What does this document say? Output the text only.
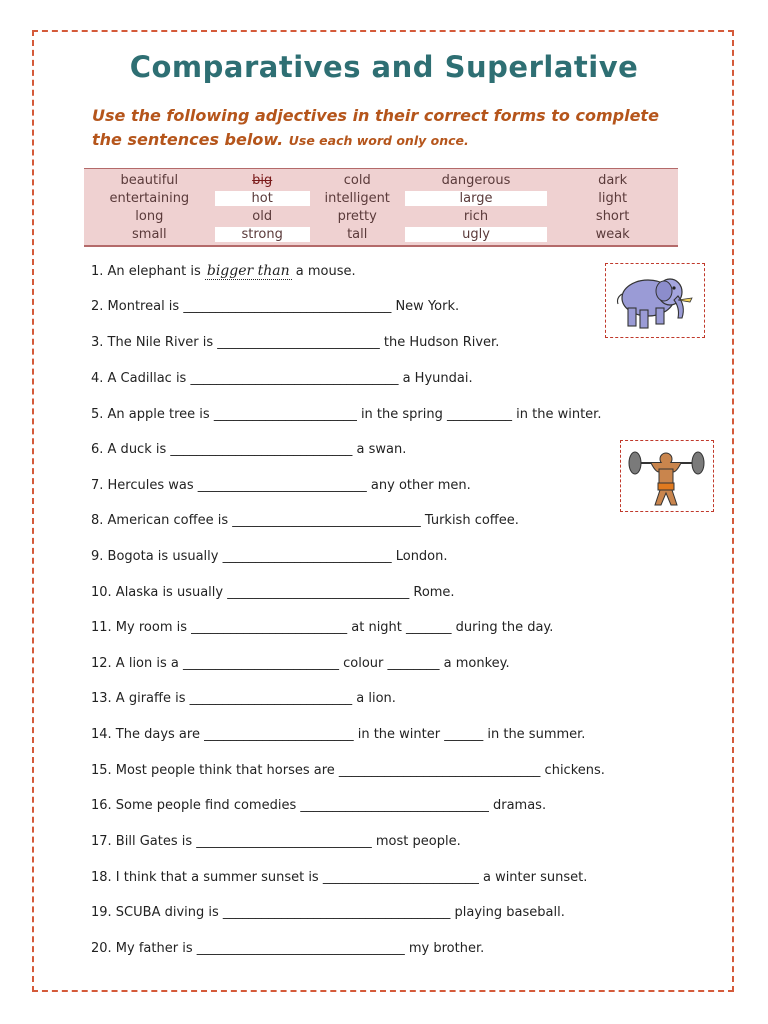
Comparatives and Superlative
Use the following adjectives in their correct forms to complete the sentences below. Use each word only once.
beautiful	big	cold	dangerous	dark
entertaining	hot	intelligent	large	light
long	old	pretty	rich	short
small	strong	tall	ugly	weak
1. An elephant is bigger than a mouse.
2. Montreal is ________________________________ New York.
3. The Nile River is _________________________ the Hudson River.
4. A Cadillac is ________________________________ a Hyundai.
5. An apple tree is ______________________ in the spring __________ in the winter.
6. A duck is ____________________________ a swan.
7. Hercules was __________________________ any other men.
8. American coffee is _____________________________ Turkish coffee.
9. Bogota is usually __________________________ London.
10. Alaska is usually ____________________________ Rome.
11. My room is ________________________ at night _______ during the day.
12. A lion is a ________________________ colour ________ a monkey.
13. A giraffe is _________________________ a lion.
14. The days are _______________________ in the winter ______ in the summer.
15. Most people think that horses are _______________________________ chickens.
16. Some people find comedies _____________________________ dramas.
17. Bill Gates is ___________________________ most people.
18. I think that a summer sunset is ________________________ a winter sunset.
19. SCUBA diving is ___________________________________ playing baseball.
20. My father is ________________________________ my brother.
